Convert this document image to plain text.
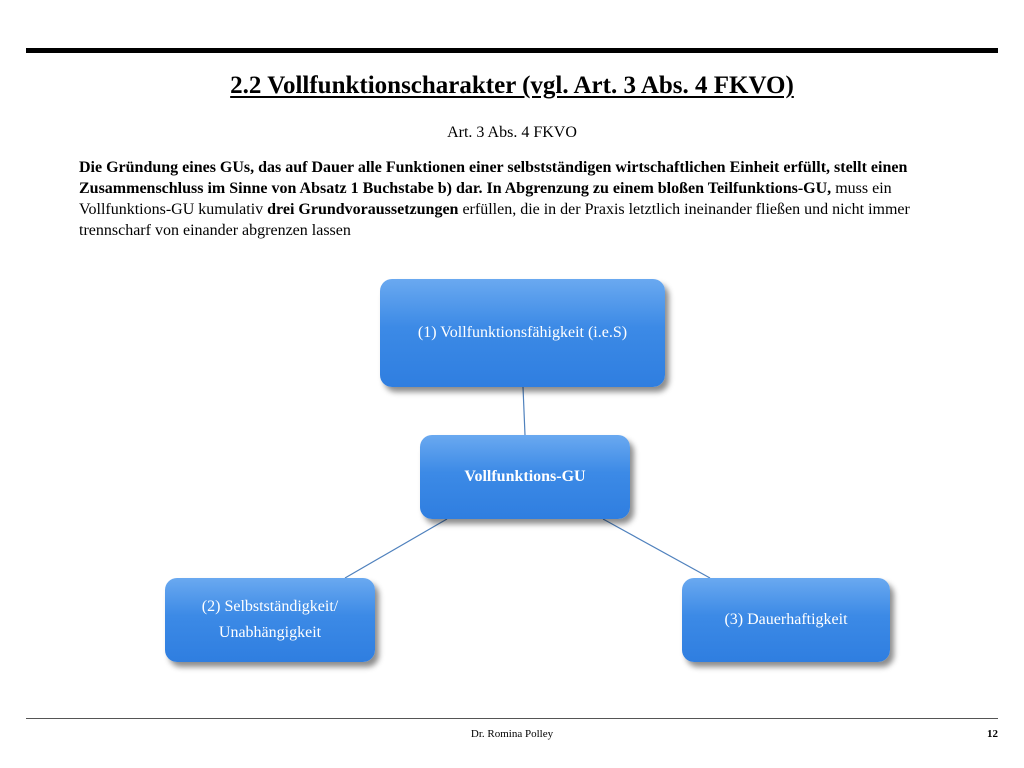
2.2 Vollfunktionscharakter (vgl. Art. 3 Abs. 4 FKVO)
Art. 3 Abs. 4 FKVO
Die Gründung eines GUs, das auf Dauer alle Funktionen einer selbstständigen wirtschaftlichen Einheit erfüllt, stellt einen Zusammenschluss im Sinne von Absatz 1 Buchstabe b) dar. In Abgrenzung zu einem bloßen Teilfunktions-GU, muss ein Vollfunktions-GU kumulativ drei Grundvoraussetzungen erfüllen, die in der Praxis letztlich ineinander fließen und nicht immer trennscharf von einander abgrenzen lassen
(1) Vollfunktionsfähigkeit (i.e.S)
Vollfunktions-GU
(2) Selbstständigkeit/ Unabhängigkeit
(3) Dauerhaftigkeit
Dr. Romina Polley	12
